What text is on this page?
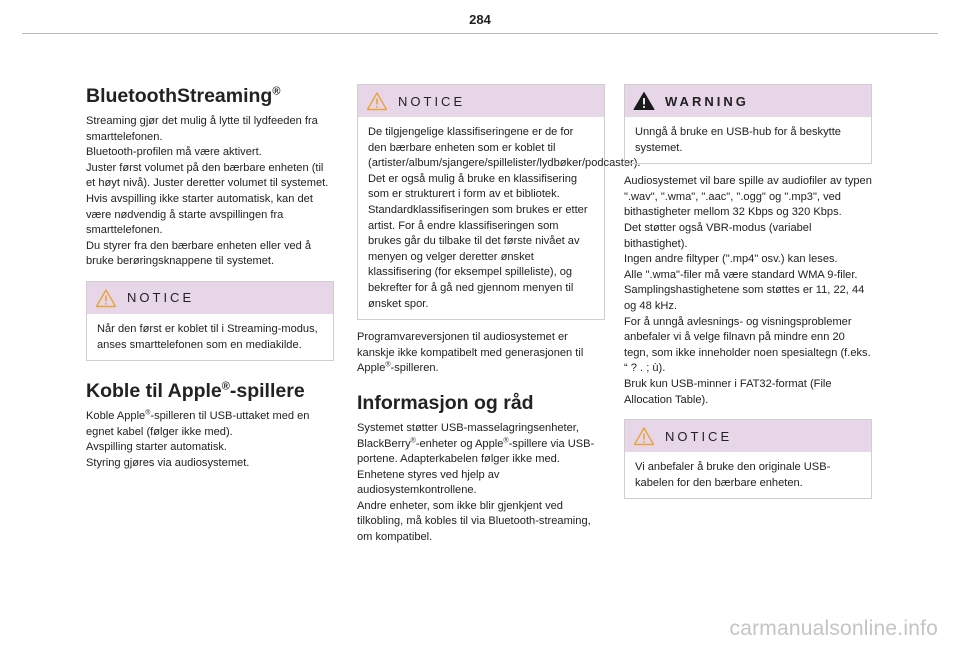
284
BluetoothStreaming®

Streaming gjør det mulig å lytte til lydfeeden fra smarttelefonen.
Bluetooth-profilen må være aktivert.
Juster først volumet på den bærbare enheten (til et høyt nivå). Juster deretter volumet til systemet.
Hvis avspilling ikke starter automatisk, kan det være nødvendig å starte avspillingen fra smarttelefonen.
Du styrer fra den bærbare enheten eller ved å bruke berøringsknappene til systemet.

NOTICE
Når den først er koblet til i Streaming-modus, anses smarttelefonen som en mediakilde.
Koble til Apple®-spillere

Koble Apple®-spilleren til USB-uttaket med en egnet kabel (følger ikke med).
Avspilling starter automatisk.
Styring gjøres via audiosystemet.

NOTICE
De tilgjengelige klassifiseringene er de for den bærbare enheten som er koblet til (artister/album/sjangere/spillelister/lydbøker/podcaster). Det er også mulig å bruke en klassifisering som er strukturert i form av et bibliotek.
Standardklassifiseringen som brukes er etter artist. For å endre klassifiseringen som brukes går du tilbake til det første nivået av menyen og velger deretter ønsket klassifisering (for eksempel spilleliste), og bekrefter for å gå ned gjennom menyen til ønsket spor.

Programvareversjonen til audiosystemet er kanskje ikke kompatibelt med generasjonen til Apple®-spilleren.

Informasjon og råd

Systemet støtter USB-masselagringsenheter, BlackBerry®-enheter og Apple®-spillere via USB-portene. Adapterkabelen følger ikke med.
Enhetene styres ved hjelp av audiosystemkontrollene.
Andre enheter, som ikke blir gjenkjent ved tilkobling, må kobles til via Bluetooth-streaming, om kompatibel.

WARNING
Unngå å bruke en USB-hub for å beskytte systemet.

Audiosystemet vil bare spille av audiofiler av typen ".wav", ".wma", ".aac", ".ogg" og ".mp3", ved bithastigheter mellom 32 Kbps og 320 Kbps.
Det støtter også VBR-modus (variabel bithastighet).
Ingen andre filtyper (".mp4" osv.) kan leses.
Alle ".wma"-filer må være standard WMA 9-filer.
Samplingshastighetene som støttes er 11, 22, 44 og 48 kHz.
For å unngå avlesnings- og visningsproblemer anbefaler vi å velge filnavn på mindre enn 20 tegn, som ikke inneholder noen spesialtegn (f.eks. “ ? . ; ù).
Bruk kun USB-minner i FAT32-format (File Allocation Table).

NOTICE
Vi anbefaler å bruke den originale USB-kabelen for den bærbare enheten.
carmanualsonline.info
